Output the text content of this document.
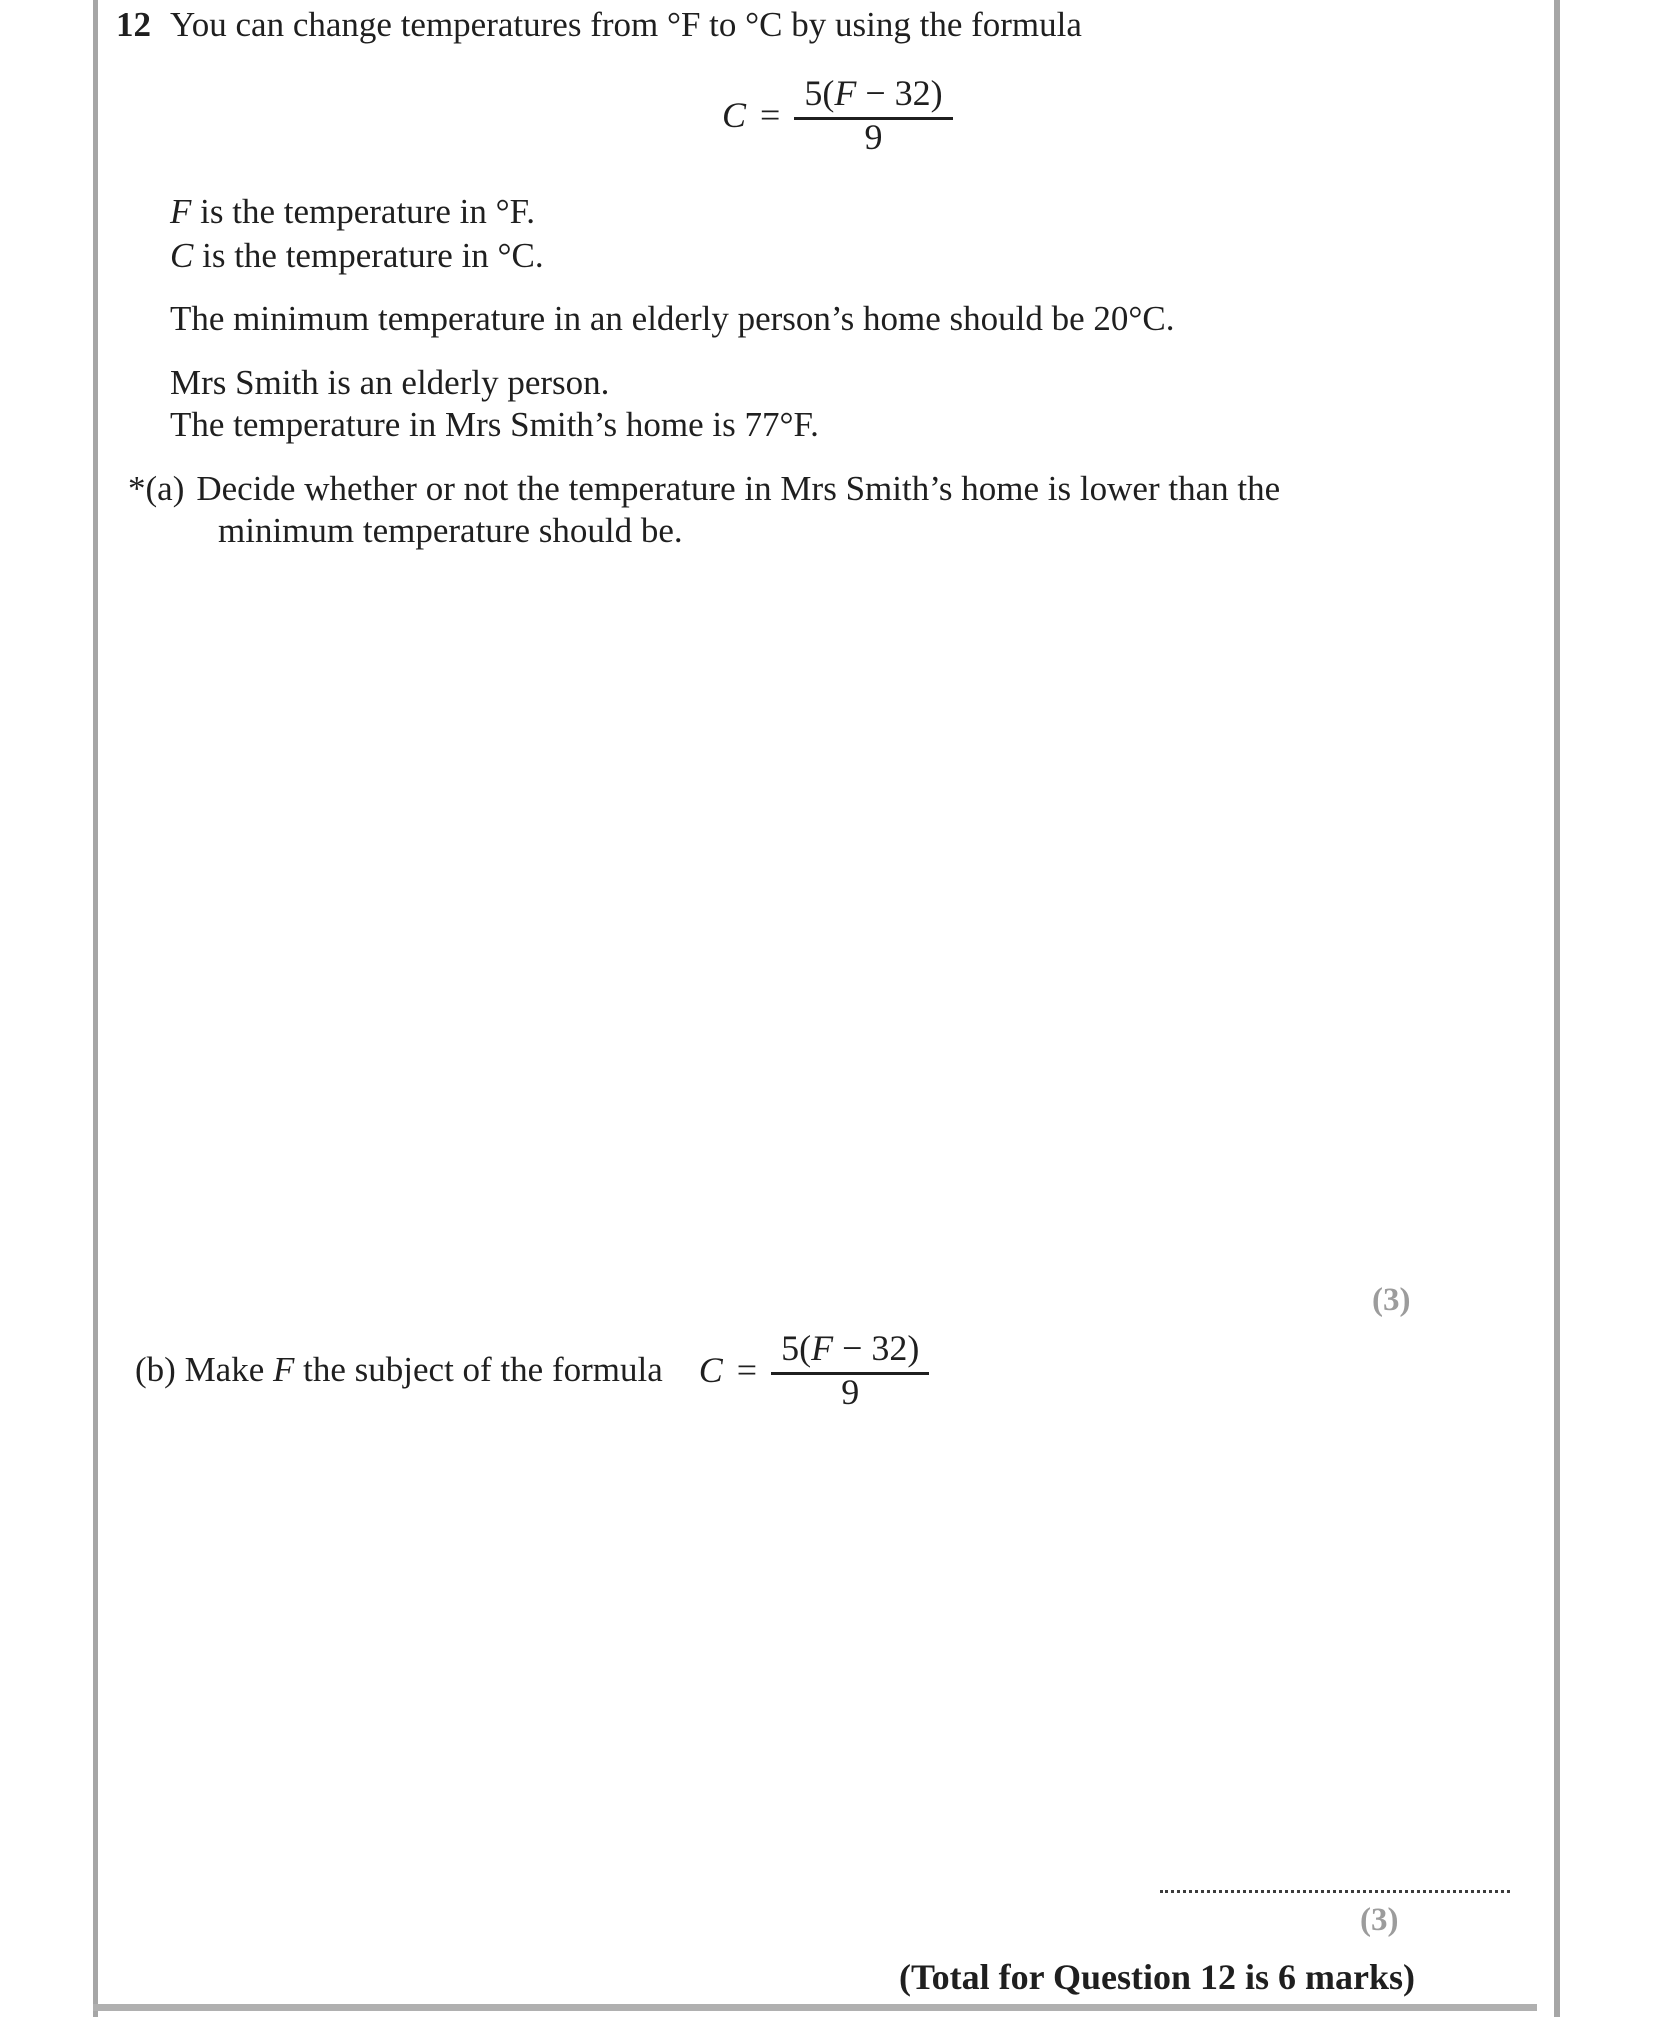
12 You can change temperatures from °F to °C by using the formula
$C = \frac{5(F - 32)}{9}$
F is the temperature in °F.
C is the temperature in °C.
The minimum temperature in an elderly person’s home should be 20°C.
Mrs Smith is an elderly person.
The temperature in Mrs Smith’s home is 77°F.
*(a) Decide whether or not the temperature in Mrs Smith’s home is lower than the
minimum temperature should be.
(3)
(b) Make F the subject of the formula $C = \frac{5(F - 32)}{9}$
(3)
(Total for Question 12 is 6 marks)
